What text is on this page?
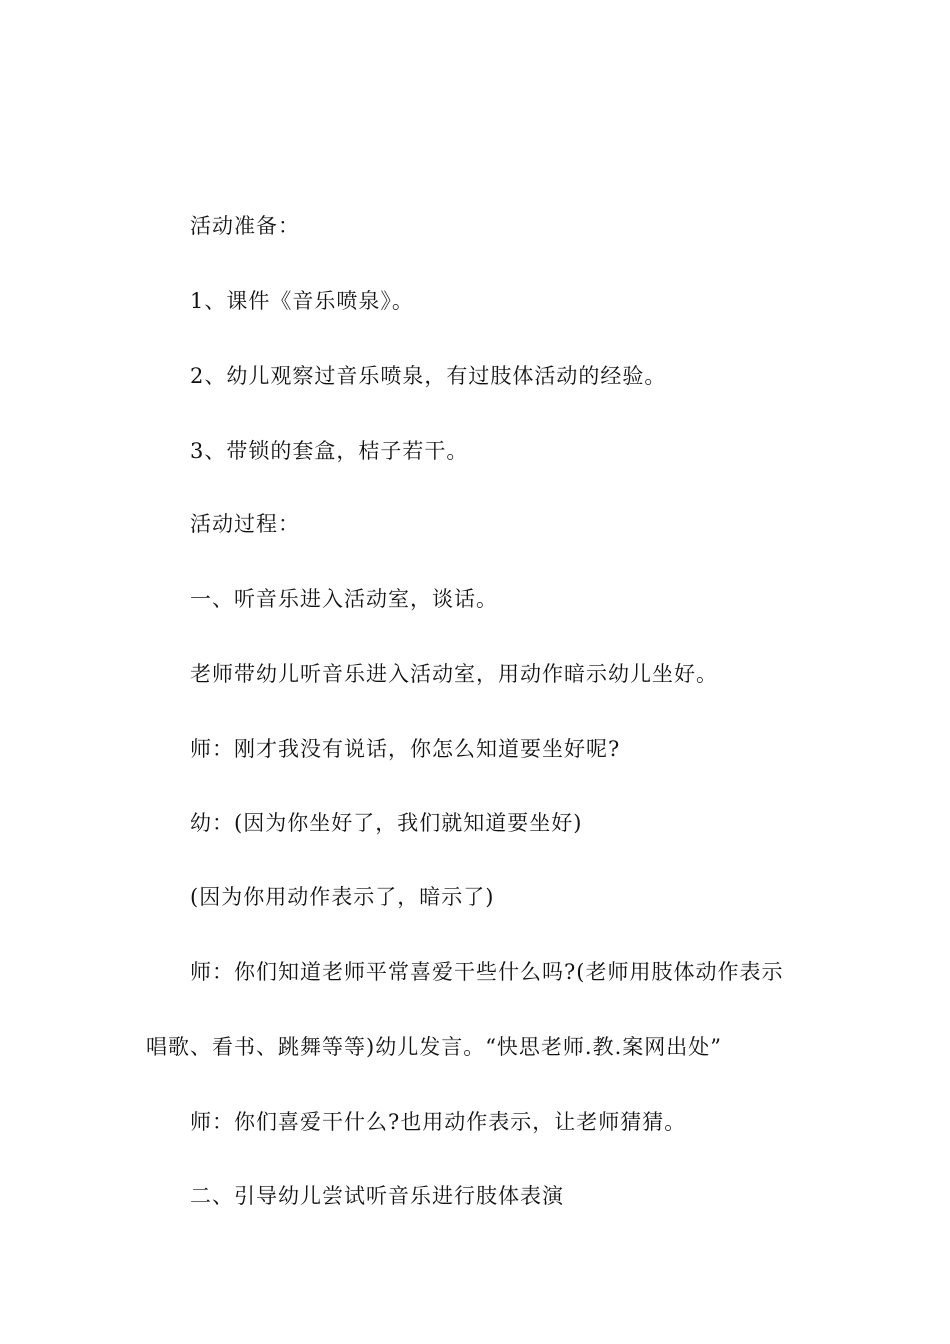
活动准备：

1、课件《音乐喷泉》。

2、幼儿观察过音乐喷泉，有过肢体活动的经验。

3、带锁的套盒，桔子若干。

活动过程：

一、听音乐进入活动室，谈话。

老师带幼儿听音乐进入活动室，用动作暗示幼儿坐好。

师：刚才我没有说话，你怎么知道要坐好呢?

幼：(因为你坐好了，我们就知道要坐好)

(因为你用动作表示了，暗示了)

师：你们知道老师平常喜爱干些什么吗?(老师用肢体动作表示

唱歌、看书、跳舞等等)幼儿发言。“快思老师.教.案网出处”

师：你们喜爱干什么?也用动作表示，让老师猜猜。

二、引导幼儿尝试听音乐进行肢体表演
